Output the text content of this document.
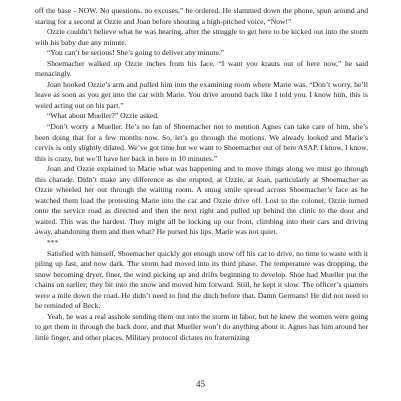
off the base - NOW. No questions, no excuses,” he ordered. He slammed down the phone, spun around and staring for a second at Ozzie and Joan before shouting a high-pitched voice, “Now!”

Ozzie couldn’t believe what he was hearing, after the struggle to get here to be kicked out into the storm with his baby due any minute.

“You can’t be serious! She’s going to deliver any minute.”

Shoemacher walked up Ozzie inches from his face, “I want you krauts out of here now,” he said menacingly.

Joan hooked Ozzie’s arm and pulled him into the examining room where Marie was. “Don’t worry, he’ll leave as soon as you get into the car with Marie. You drive around back like I told you. I know him, this is weird acting out on his part.”

“What about Mueller?” Ozzie asked.

“Don’t worry a Mueller. He’s no fan of Shoemacher not to mention Agnes can take care of him, she’s been doing that for a few months now. So, let’s go through the motions. We already looked and Marie’s cervix is only slightly dilated. We’ve got time but we want to Shoemacher out of here ASAP. I know, I know, this is crazy, but we’ll have her back in here in 10 minutes.”

Joan and Ozzie explained to Marie what was happening and to move things along we must go through this charade. Didn’t make any difference as she erupted, at Ozzie, at Joan, particularly at Shoemacher as Ozzie wheeled her out through the waiting room. A smug smile spread across Shoemacher’s face as he watched them load the protesting Marie into the car and Ozzie drive off. Lost to the colonel, Ozzie turned onto the service road as directed and then the next right and pulled up behind the clinic to the door and waited. This was the hardest. They might all be locking up our front, climbing into their cars and driving away, abandoning them and then what? He pursed his lips. Marie was not quiet.

***

Satisfied with himself, Shoemacher quickly got enough snow off his car to drive, no time to waste with it piling up fast, and now dark. The storm had moved into its third phase. The temperature was dropping, the snow becoming dryer, finer, the wind picking up and drifts beginning to develop. Shoe had Mueller put the chains on earlier; they bit into the snow and moved him forward. Still, he kept it slow. The officer’s quarters were a mile down the road. He didn’t need to find the ditch before that. Damn Germans! He did not need to be reminded of Beck.

Yeah, he was a real asshole sending them out into the storm in labor, but he knew the women were going to get them in through the back door, and that Mueller won’t do anything about it. Agnes has him around her little finger, and other places. Military protocol dictates no fraternizing

45
